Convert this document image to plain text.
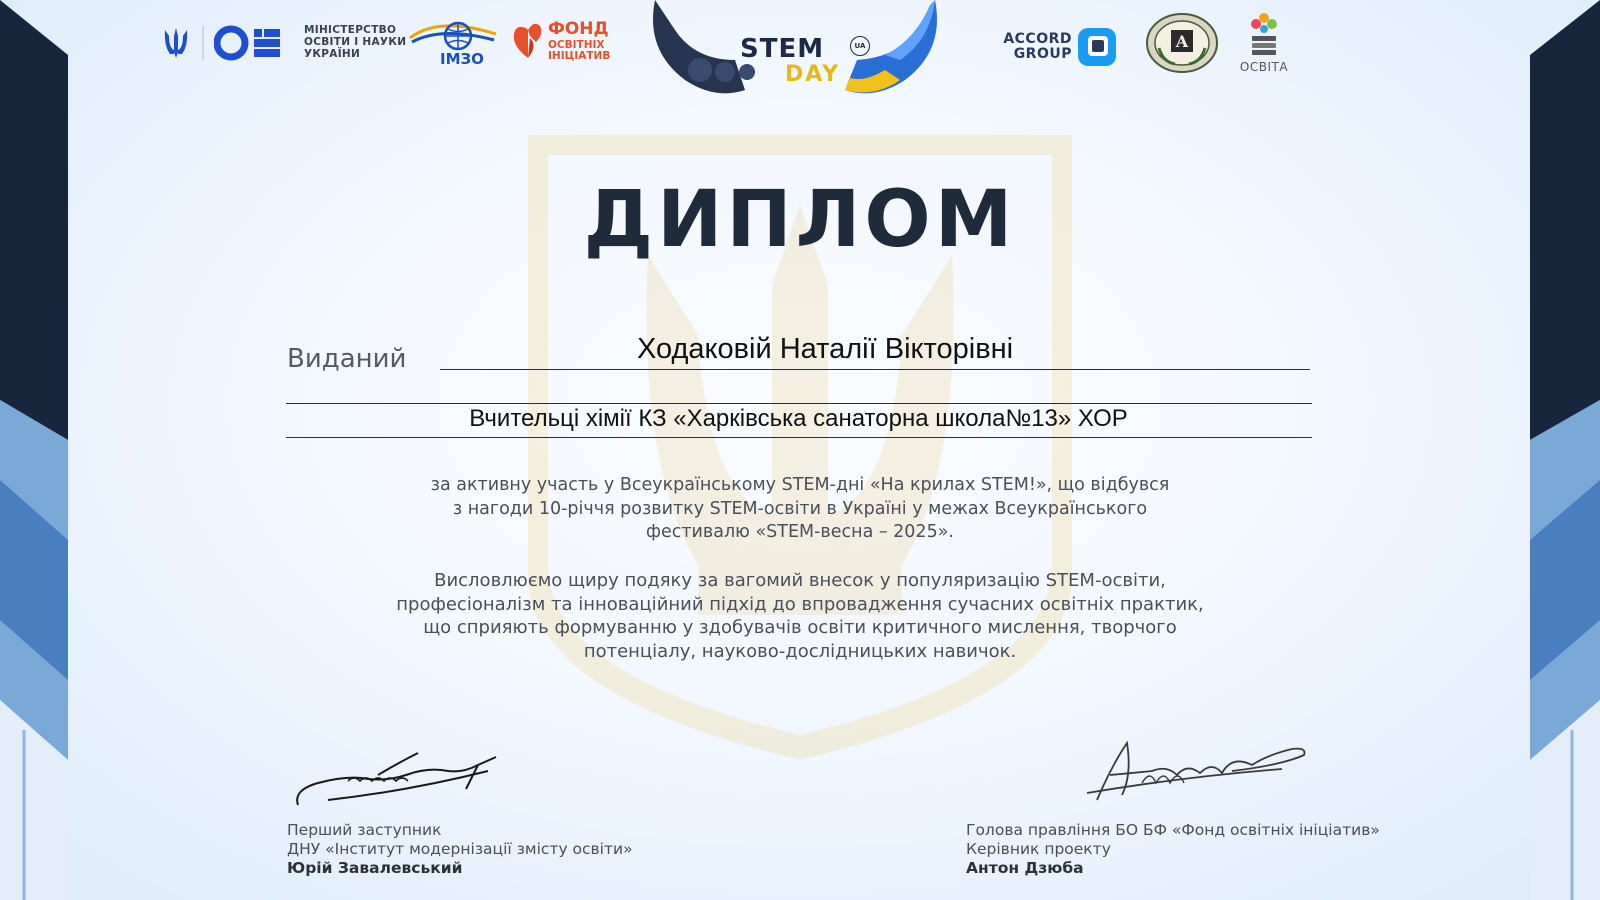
МІНІСТЕРСТВО
ОСВІТИ І НАУКИ
УКРАЇНИ	ІМЗО
ФОНД
ОСВІТНІХ
ІНІЦІАТИВ	STEM
DAY
UA	ACCORD
GROUP
A
ОСВІТА
ДИПЛОМ
Виданий	Ходаковій Наталії Вікторівні
Вчительці хімії КЗ «Харківська санаторна школа№13» ХОР
за активну участь у Всеукраїнському STEM-дні «На крилах STEM!», що відбувся
з нагоди 10-річчя розвитку STEM-освіти в Україні у межах Всеукраїнського
фестивалю «STEM-весна – 2025».
Висловлюємо щиру подяку за вагомий внесок у популяризацію STEM-освіти,
професіоналізм та інноваційний підхід до впровадження сучасних освітніх практик,
що сприяють формуванню у здобувачів освіти критичного мислення, творчого
потенціалу, науково-дослідницьких навичок.
Перший заступник
ДНУ «Інститут модернізації змісту освіти»
Юрій Завалевський
Голова правління БО БФ «Фонд освітніх ініціатив»
Керівник проекту
Антон Дзюба
